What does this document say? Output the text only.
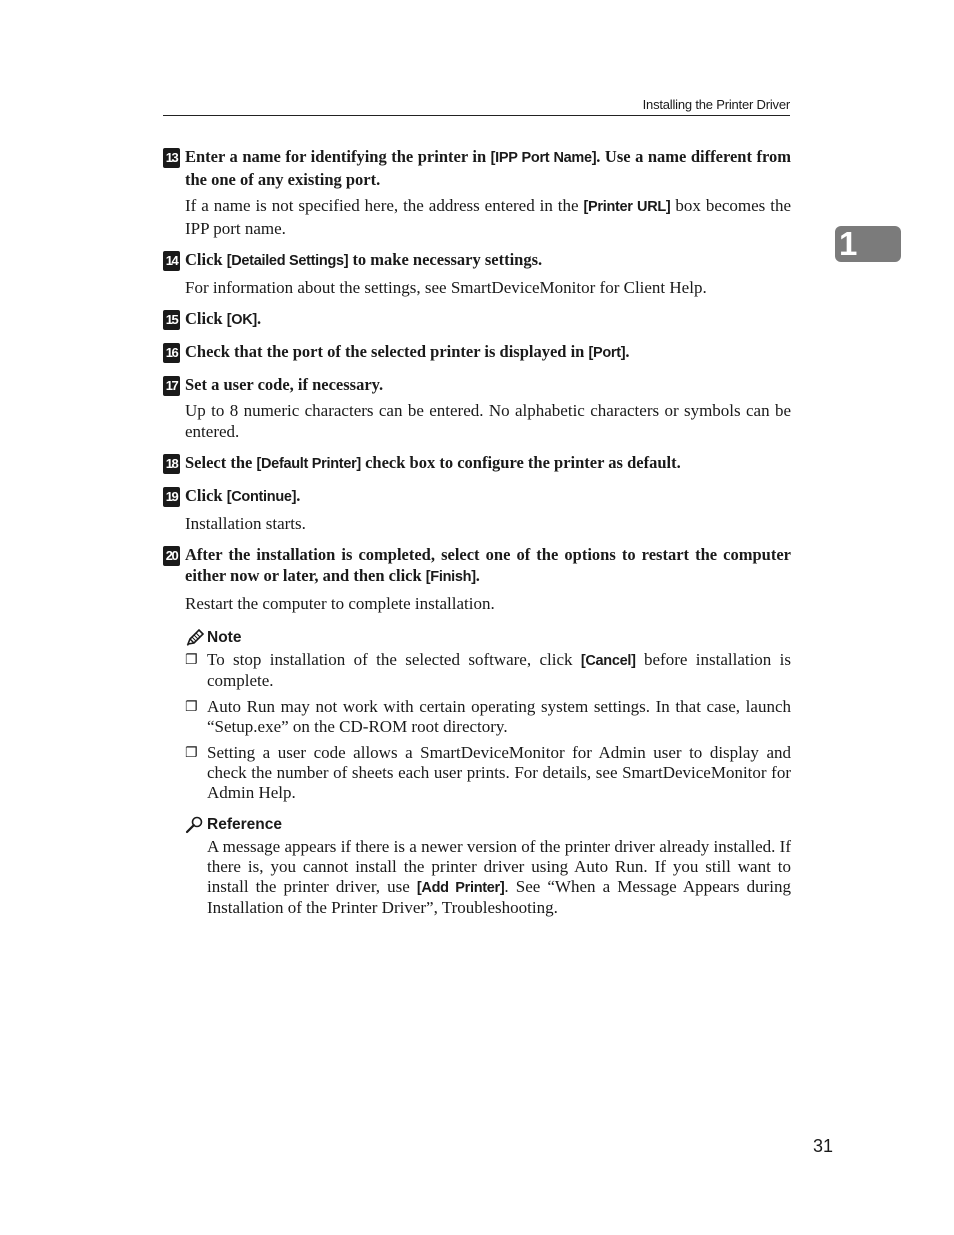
Installing the Printer Driver
1
13 Enter a name for identifying the printer in [IPP Port Name]. Use a name different from the one of any existing port.
If a name is not specified here, the address entered in the [Printer URL] box becomes the IPP port name.
14 Click [Detailed Settings] to make necessary settings.
For information about the settings, see SmartDeviceMonitor for Client Help.
15 Click [OK].
16 Check that the port of the selected printer is displayed in [Port].
17 Set a user code, if necessary.
Up to 8 numeric characters can be entered. No alphabetic characters or symbols can be entered.
18 Select the [Default Printer] check box to configure the printer as default.
19 Click [Continue].
Installation starts.
20 After the installation is completed, select one of the options to restart the computer either now or later, and then click [Finish].
Restart the computer to complete installation.
Note
❐ To stop installation of the selected software, click [Cancel] before installation is complete.
❐ Auto Run may not work with certain operating system settings. In that case, launch “Setup.exe” on the CD-ROM root directory.
❐ Setting a user code allows a SmartDeviceMonitor for Admin user to display and check the number of sheets each user prints. For details, see SmartDeviceMonitor for Admin Help.
Reference
A message appears if there is a newer version of the printer driver already installed. If there is, you cannot install the printer driver using Auto Run. If you still want to install the printer driver, use [Add Printer]. See “When a Message Appears during Installation of the Printer Driver”, Troubleshooting.
31
